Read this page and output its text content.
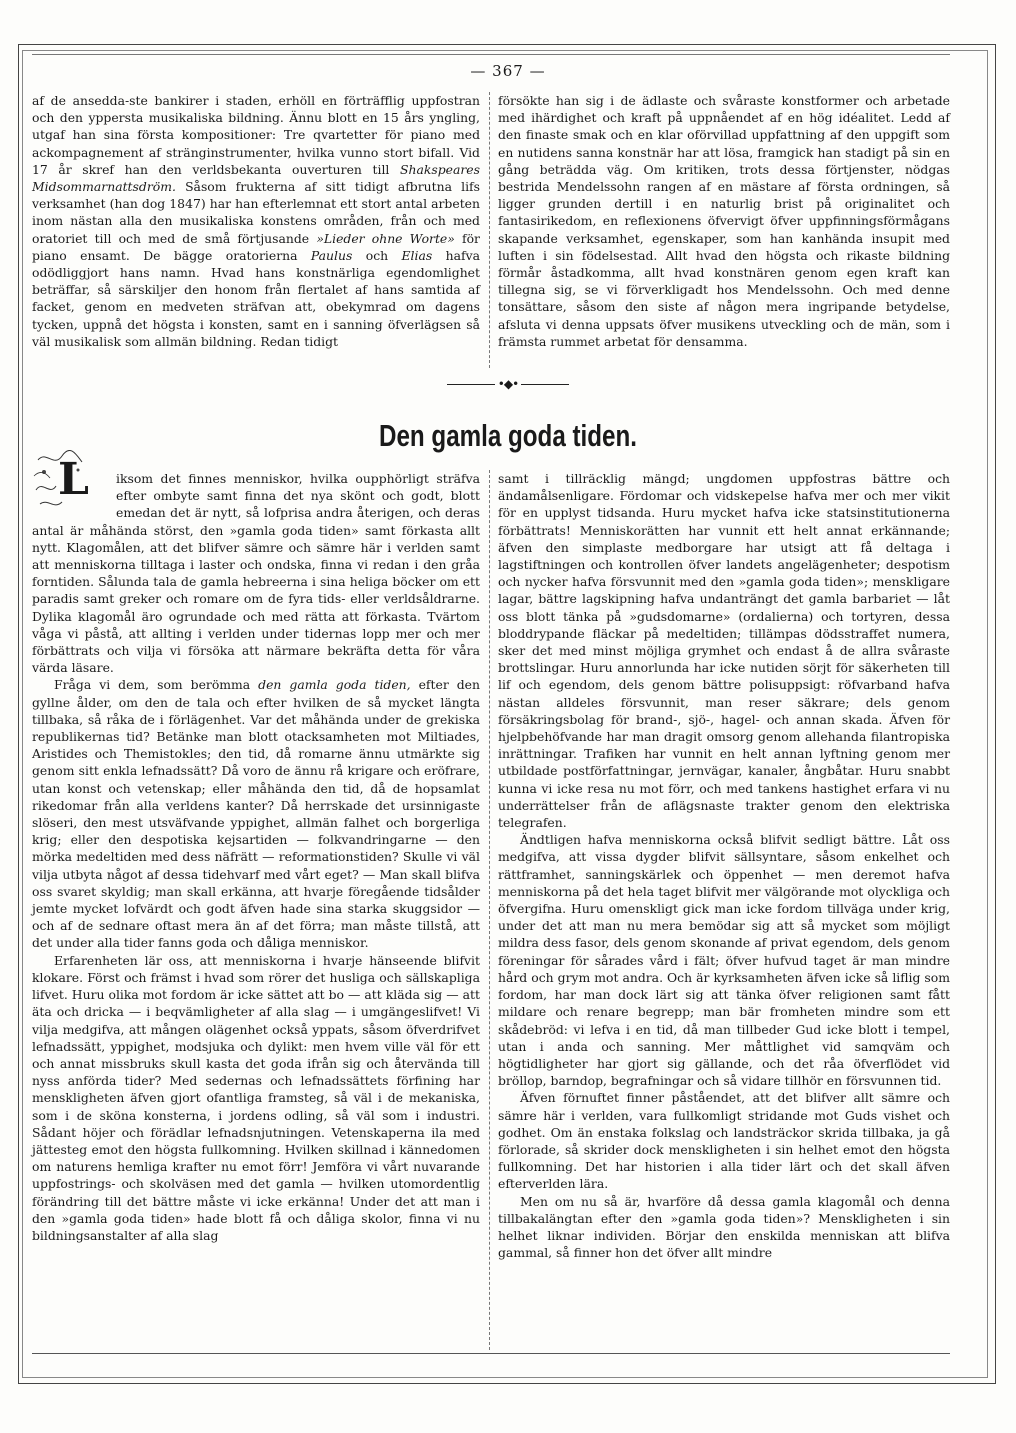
— 367 —

af de ansedda-ste bankirer i staden, erhöll en förträfflig uppfostran och den yppersta musikaliska bildning. Ännu blott en 15 års yngling, utgaf han sina första kompositioner: Tre qvartetter för piano med ackompagnement af stränginstrumenter, hvilka vunno stort bifall. Vid 17 år skref han den verldsbekanta ouverturen till Shakspeares Midsommarnattsdröm. Såsom frukterna af sitt tidigt afbrutna lifs verksamhet (han dog 1847) har han efterlemnat ett stort antal arbeten inom nästan alla den musikaliska konstens områden, från och med oratoriet till och med de små förtjusande »Lieder ohne Worte» för piano ensamt. De bägge oratorierna Paulus och Elias hafva odödliggjort hans namn. Hvad hans konstnärliga egendomlighet beträffar, så särskiljer den honom från flertalet af hans samtida af facket, genom en medveten sträfvan att, obekymrad om dagens tycken, uppnå det högsta i konsten, samt en i sanning öfverlägsen så väl musikalisk som allmän bildning. Redan tidigt

försökte han sig i de ädlaste och svåraste konstformer och arbetade med ihärdighet och kraft på uppnåendet af en hög idéalitet. Ledd af den finaste smak och en klar oförvillad uppfattning af den uppgift som en nutidens sanna konstnär har att lösa, framgick han stadigt på sin en gång beträdda väg. Om kritiken, trots dessa förtjenster, nödgas bestrida Mendelssohn rangen af en mästare af första ordningen, så ligger grunden dertill i en naturlig brist på originalitet och fantasirikedom, en reflexionens öfvervigt öfver uppfinningsförmågans skapande verksamhet, egenskaper, som han kanhända insupit med luften i sin födelsestad. Allt hvad den högsta och rikaste bildning förmår åstadkomma, allt hvad konstnären genom egen kraft kan tillegna sig, se vi förverkligadt hos Mendelssohn. Och med denne tonsättare, såsom den siste af någon mera ingripande betydelse, afsluta vi denna uppsats öfver musikens utveckling och de män, som i främsta rummet arbetat för densamma.

•◆•
Den gamla goda tiden.

L iksom det finnes menniskor, hvilka oupphörligt sträfva efter ombyte samt finna det nya skönt och godt, blott emedan det är nytt, så lofprisa andra återigen, och deras antal är måhända störst, den »gamla goda tiden» samt förkasta allt nytt. Klagomålen, att det blifver sämre och sämre här i verlden samt att menniskorna tilltaga i laster och ondska, finna vi redan i den gråa forntiden. Sålunda tala de gamla hebreerna i sina heliga böcker om ett paradis samt greker och romare om de fyra tids- eller verldsåldrarne. Dylika klagomål äro ogrundade och med rätta att förkasta. Tvärtom våga vi påstå, att allting i verlden under tidernas lopp mer och mer förbättrats och vilja vi försöka att närmare bekräfta detta för våra värda läsare.

Fråga vi dem, som berömma den gamla goda tiden, efter den gyllne ålder, om den de tala och efter hvilken de så mycket längta tillbaka, så råka de i förlägenhet. Var det måhända under de grekiska republikernas tid? Betänke man blott otacksamheten mot Miltiades, Aristides och Themistokles; den tid, då romarne ännu utmärkte sig genom sitt enkla lefnadssätt? Då voro de ännu rå krigare och eröfrare, utan konst och vetenskap; eller måhända den tid, då de hopsamlat rikedomar från alla verldens kanter? Då herrskade det ursinnigaste slöseri, den mest utsväfvande yppighet, allmän falhet och borgerliga krig; eller den despotiska kejsartiden — folkvandringarne — den mörka medeltiden med dess näfrätt — reformationstiden? Skulle vi väl vilja utbyta något af dessa tidehvarf med vårt eget? — Man skall blifva oss svaret skyldig; man skall erkänna, att hvarje föregående tidsålder jemte mycket lofvärdt och godt äfven hade sina starka skuggsidor — och af de sednare oftast mera än af det förra; man måste tillstå, att det under alla tider fanns goda och dåliga menniskor.

Erfarenheten lär oss, att menniskorna i hvarje hänseende blifvit klokare. Först och främst i hvad som rörer det husliga och sällskapliga lifvet. Huru olika mot fordom är icke sättet att bo — att kläda sig — att äta och dricka — i beqvämligheter af alla slag — i umgängeslifvet! Vi vilja medgifva, att mången olägenhet också yppats, såsom öfverdrifvet lefnadssätt, yppighet, modsjuka och dylikt: men hvem ville väl för ett och annat missbruks skull kasta det goda ifrån sig och återvända till nyss anförda tider? Med sedernas och lefnadssättets förfining har menskligheten äfven gjort ofantliga framsteg, så väl i de mekaniska, som i de sköna konsterna, i jordens odling, så väl som i industri. Sådant höjer och förädlar lefnadsnjutningen. Vetenskaperna ila med jättesteg emot den högsta fullkomning. Hvilken skillnad i kännedomen om naturens hemliga krafter nu emot förr! Jemföra vi vårt nuvarande uppfostrings- och skolväsen med det gamla — hvilken utomordentlig förändring till det bättre måste vi icke erkänna! Under det att man i den »gamla goda tiden» hade blott få och dåliga skolor, finna vi nu bildningsanstalter af alla slag

samt i tillräcklig mängd; ungdomen uppfostras bättre och ändamålsenligare. Fördomar och vidskepelse hafva mer och mer vikit för en upplyst tidsanda. Huru mycket hafva icke statsinstitutionerna förbättrats! Menniskorätten har vunnit ett helt annat erkännande; äfven den simplaste medborgare har utsigt att få deltaga i lagstiftningen och kontrollen öfver landets angelägenheter; despotism och nycker hafva försvunnit med den »gamla goda tiden»; menskligare lagar, bättre lagskipning hafva undanträngt det gamla barbariet — låt oss blott tänka på »gudsdomarne» (ordalierna) och tortyren, dessa bloddrypande fläckar på medeltiden; tillämpas dödsstraffet numera, sker det med minst möjliga grymhet och endast å de allra svåraste brottslingar. Huru annorlunda har icke nutiden sörjt för säkerheten till lif och egendom, dels genom bättre polisuppsigt: röfvarband hafva nästan alldeles försvunnit, man reser säkrare; dels genom försäkringsbolag för brand-, sjö-, hagel- och annan skada. Äfven för hjelpbehöfvande har man dragit omsorg genom allehanda filantropiska inrättningar. Trafiken har vunnit en helt annan lyftning genom mer utbildade postförfattningar, jernvägar, kanaler, ångbåtar. Huru snabbt kunna vi icke resa nu mot förr, och med tankens hastighet erfara vi nu underrättelser från de aflägsnaste trakter genom den elektriska telegrafen.

Ändtligen hafva menniskorna också blifvit sedligt bättre. Låt oss medgifva, att vissa dygder blifvit sällsyntare, såsom enkelhet och rättframhet, sanningskärlek och öppenhet — men deremot hafva menniskorna på det hela taget blifvit mer välgörande mot olyckliga och öfvergifna. Huru omenskligt gick man icke fordom tillväga under krig, under det att man nu mera bemödar sig att så mycket som möjligt mildra dess fasor, dels genom skonande af privat egendom, dels genom föreningar för sårades vård i fält; öfver hufvud taget är man mindre hård och grym mot andra. Och är kyrksamheten äfven icke så liflig som fordom, har man dock lärt sig att tänka öfver religionen samt fått mildare och renare begrepp; man bär fromheten mindre som ett skådebröd: vi lefva i en tid, då man tillbeder Gud icke blott i tempel, utan i anda och sanning. Mer måttlighet vid samqväm och högtidligheter har gjort sig gällande, och det råa öfverflödet vid bröllop, barndop, begrafningar och så vidare tillhör en försvunnen tid.

Äfven förnuftet finner påståendet, att det blifver allt sämre och sämre här i verlden, vara fullkomligt stridande mot Guds vishet och godhet. Om än enstaka folkslag och landsträckor skrida tillbaka, ja gå förlorade, så skrider dock menskligheten i sin helhet emot den högsta fullkomning. Det har historien i alla tider lärt och det skall äfven efterverlden lära.

Men om nu så är, hvarföre då dessa gamla klagomål och denna tillbakalängtan efter den »gamla goda tiden»? Menskligheten i sin helhet liknar individen. Börjar den enskilda menniskan att blifva gammal, så finner hon det öfver allt mindre
